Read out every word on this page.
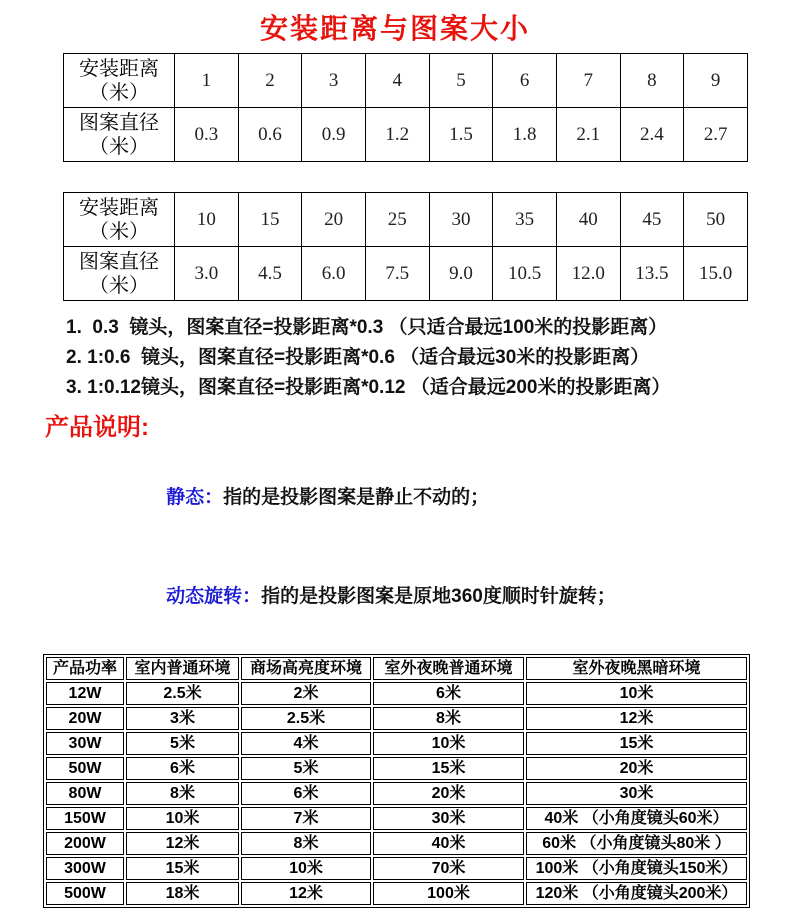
安装距离与图案大小
安装距离
（米）	1	2	3	4	5	6	7	8	9
图案直径
（米）	0.3	0.6	0.9	1.2	1.5	1.8	2.1	2.4	2.7
安装距离
（米）	10	15	20	25	30	35	40	45	50
图案直径
（米）	3.0	4.5	6.0	7.5	9.0	10.5	12.0	13.5	15.0
1.  0.3  镜头，图案直径=投影距离*0.3 （只适合最远100米的投影距离）
2. 1:0.6  镜头，图案直径=投影距离*0.6 （适合最远30米的投影距离）
3. 1:0.12镜头，图案直径=投影距离*0.12 （适合最远200米的投影距离）
产品说明:

静态：指的是投影图案是静止不动的；

动态旋转：指的是投影图案是原地360度顺时针旋转；

产品功率	室内普通环境	商场高亮度环境	室外夜晚普通环境	室外夜晚黑暗环境
12W	2.5米	2米	6米	10米
20W	3米	2.5米	8米	12米
30W	5米	4米	10米	15米
50W	6米	5米	15米	20米
80W	8米	6米	20米	30米
150W	10米	7米	30米	40米 （小角度镜头60米）
200W	12米	8米	40米	60米 （小角度镜头80米 ）
300W	15米	10米	70米	100米 （小角度镜头150米）
500W	18米	12米	100米	120米 （小角度镜头200米）
